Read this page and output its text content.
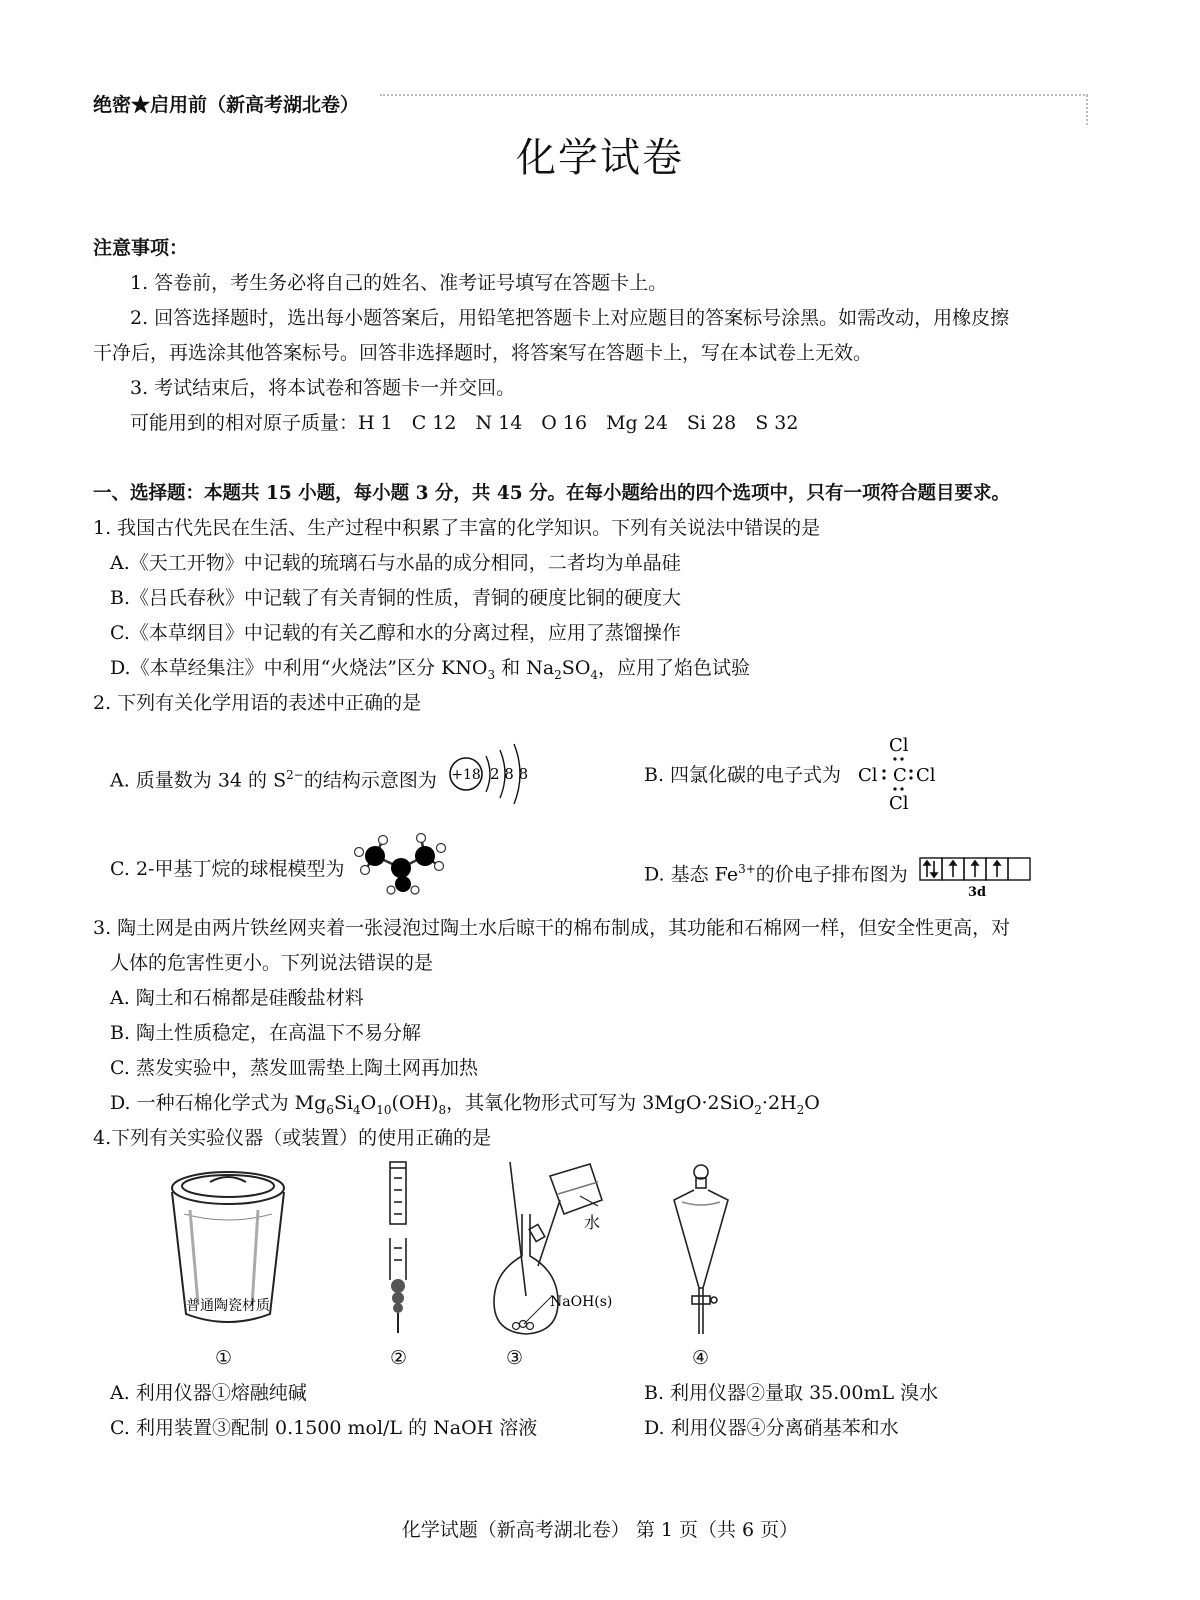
绝密★启用前（新高考湖北卷）
化学试卷
注意事项：
1. 答卷前，考生务必将自己的姓名、准考证号填写在答题卡上。
2. 回答选择题时，选出每小题答案后，用铅笔把答题卡上对应题目的答案标号涂黑。如需改动，用橡皮擦
干净后，再选涂其他答案标号。回答非选择题时，将答案写在答题卡上，写在本试卷上无效。
3. 考试结束后，将本试卷和答题卡一并交回。
可能用到的相对原子质量：H 1　C 12　N 14　O 16　Mg 24　Si 28　S 32
一、选择题：本题共 15 小题，每小题 3 分，共 45 分。在每小题给出的四个选项中，只有一项符合题目要求。
1. 我国古代先民在生活、生产过程中积累了丰富的化学知识。下列有关说法中错误的是
A.《天工开物》中记载的琉璃石与水晶的成分相同，二者均为单晶硅
B.《吕氏春秋》中记载了有关青铜的性质，青铜的硬度比铜的硬度大
C.《本草纲目》中记载的有关乙醇和水的分离过程，应用了蒸馏操作
D.《本草经集注》中利用“火烧法”区分 $KNO_3$ 和 $Na_2SO_4$，应用了焰色试验
2. 下列有关化学用语的表述中正确的是
A. 质量数为 34 的 $S^{2-}$的结构示意图为 +18 2 8 8	B. 四氯化碳的电子式为
Cl
Cl C Cl
Cl
C. 2-甲基丁烷的球棍模型为	D. 基态 $Fe^{3+}$的价电子排布图为
3d
3. 陶土网是由两片铁丝网夹着一张浸泡过陶土水后晾干的棉布制成，其功能和石棉网一样，但安全性更高，对
人体的危害性更小。下列说法错误的是
A. 陶土和石棉都是硅酸盐材料
B. 陶土性质稳定，在高温下不易分解
C. 蒸发实验中，蒸发皿需垫上陶土网再加热
D. 一种石棉化学式为 $Mg_6Si_4O_{10}(OH)_8$，其氧化物形式可写为 $3MgO\cdot 2SiO_2\cdot 2H_2O$
4.下列有关实验仪器（或装置）的使用正确的是
普通陶瓷材质
水
NaOH(s)
①	②	③	④
A. 利用仪器①熔融纯碱	B. 利用仪器②量取 35.00mL 溴水
C. 利用装置③配制 0.1500 mol/L 的 NaOH 溶液	D. 利用仪器④分离硝基苯和水
化学试题（新高考湖北卷） 第 1 页（共 6 页）
